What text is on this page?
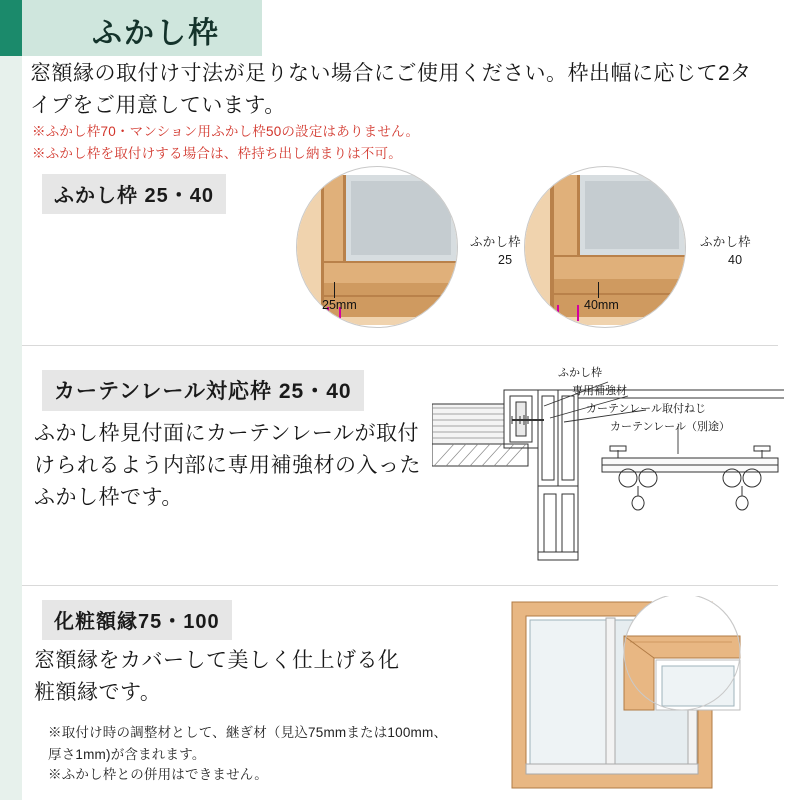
ふかし枠
窓額縁の取付け寸法が足りない場合にご使用ください。枠出幅に応じて2タイプをご用意しています。
※ふかし枠70・マンション用ふかし枠50の設定はありません。
※ふかし枠を取付けする場合は、枠持ち出し納まりは不可。
ふかし枠 25・40
25mm
ふかし枠
25
40mm
ふかし枠
40
カーテンレール対応枠 25・40
ふかし枠見付面にカーテンレールが取付けられるよう内部に専用補強材の入ったふかし枠です。
ふかし枠
専用補強材
カーテンレール取付ねじ
カーテンレール（別途）
化粧額縁75・100
窓額縁をカバーして美しく仕上げる化粧額縁です。
※取付け時の調整材として、継ぎ材（見込75mmまたは100mm、厚さ1mm)が含まれます。
※ふかし枠との併用はできません。
